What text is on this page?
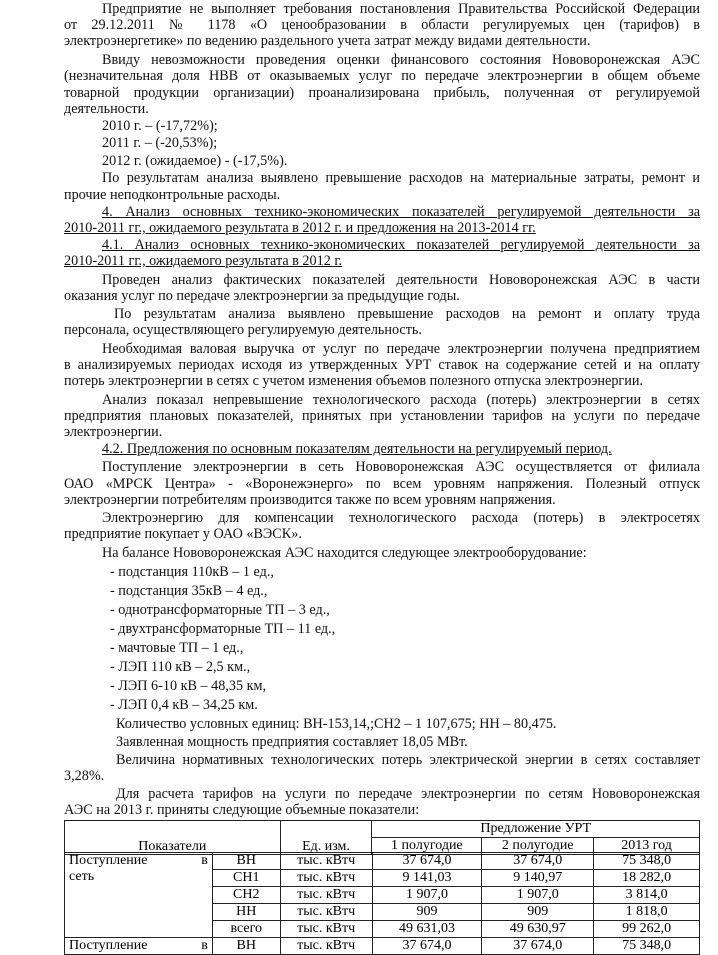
Предприятие не выполняет требования постановления Правительства Российской Федерации
от 29.12.2011 № 1178 «О ценообразовании в области регулируемых цен (тарифов) в
электроэнергетике» по ведению раздельного учета затрат между видами деятельности.
Ввиду невозможности проведения оценки финансового состояния Нововоронежская АЭС
(незначительная доля НВВ от оказываемых услуг по передаче электроэнергии в общем объеме
товарной продукции организации) проанализирована прибыль, полученная от регулируемой
деятельности.
2010 г. – (-17,72%);
2011 г. – (-20,53%);
2012 г. (ожидаемое) - (-17,5%).
По результатам анализа выявлено превышение расходов на материальные затраты, ремонт и
прочие неподконтрольные расходы.
4. Анализ основных технико-экономических показателей регулируемой деятельности за
2010-2011 гг., ожидаемого результата в 2012 г. и предложения на 2013-2014 гг.
4.1. Анализ основных технико-экономических показателей регулируемой деятельности за
2010-2011 гг., ожидаемого результата в 2012 г.
Проведен анализ фактических показателей деятельности Нововоронежская АЭС в части
оказания услуг по передаче электроэнергии за предыдущие годы.
По результатам анализа выявлено превышение расходов на ремонт и оплату труда
персонала, осуществляющего регулируемую деятельность.
Необходимая валовая выручка от услуг по передаче электроэнергии получена предприятием
в анализируемых периодах исходя из утвержденных УРТ ставок на содержание сетей и на оплату
потерь электроэнергии в сетях с учетом изменения объемов полезного отпуска электроэнергии.
Анализ показал непревышение технологического расхода (потерь) электроэнергии в сетях
предприятия плановых показателей, принятых при установлении тарифов на услуги по передаче
электроэнергии.
4.2. Предложения по основным показателям деятельности на регулируемый период.
Поступление электроэнергии в сеть Нововоронежская АЭС осуществляется от филиала
ОАО «МРСК Центра» - «Воронежэнерго» по всем уровням напряжения. Полезный отпуск
электроэнергии потребителям производится также по всем уровням напряжения.
Электроэнергию для компенсации технологического расхода (потерь) в электросетях
предприятие покупает у ОАО «ВЭСК».
На балансе Нововоронежская АЭС находится следующее электрооборудование:
- подстанция 110кВ – 1 ед.,
- подстанция 35кВ – 4 ед.,
- однотрансформаторные ТП – 3 ед.,
- двухтрансформаторные ТП – 11 ед.,
- мачтовые ТП – 1 ед.,
- ЛЭП 110 кВ – 2,5 км.,
- ЛЭП 6-10 кВ – 48,35 км,
- ЛЭП 0,4 кВ – 34,25 км.
Количество условных единиц: ВН-153,14,;СН2 – 1 107,675; НН – 80,475.
Заявленная мощность предприятия составляет 18,05 МВт.
Величина нормативных технологических потерь электрической энергии в сетях составляет
3,28%.
Для расчета тарифов на услуги по передаче электроэнергии по сетям Нововоронежская
АЭС на 2013 г. приняты следующие объемные показатели:
Показатели	Ед. изм.	Предложение УРТ		
		1 полугодие	2 полугодие	2013 год
Поступление в

сеть	ВН	тыс. кВтч	37 674,0	37 674,0	75 348,0
	СН1	тыс. кВтч	9 141,03	9 140,97	18 282,0
	СН2	тыс. кВтч	1 907,0	1 907,0	3 814,0
	НН	тыс. кВтч	909	909	1 818,0
	всего	тыс. кВтч	49 631,03	49 630,97	99 262,0
Поступление в	ВН	тыс. кВтч	37 674,0	37 674,0	75 348,0
